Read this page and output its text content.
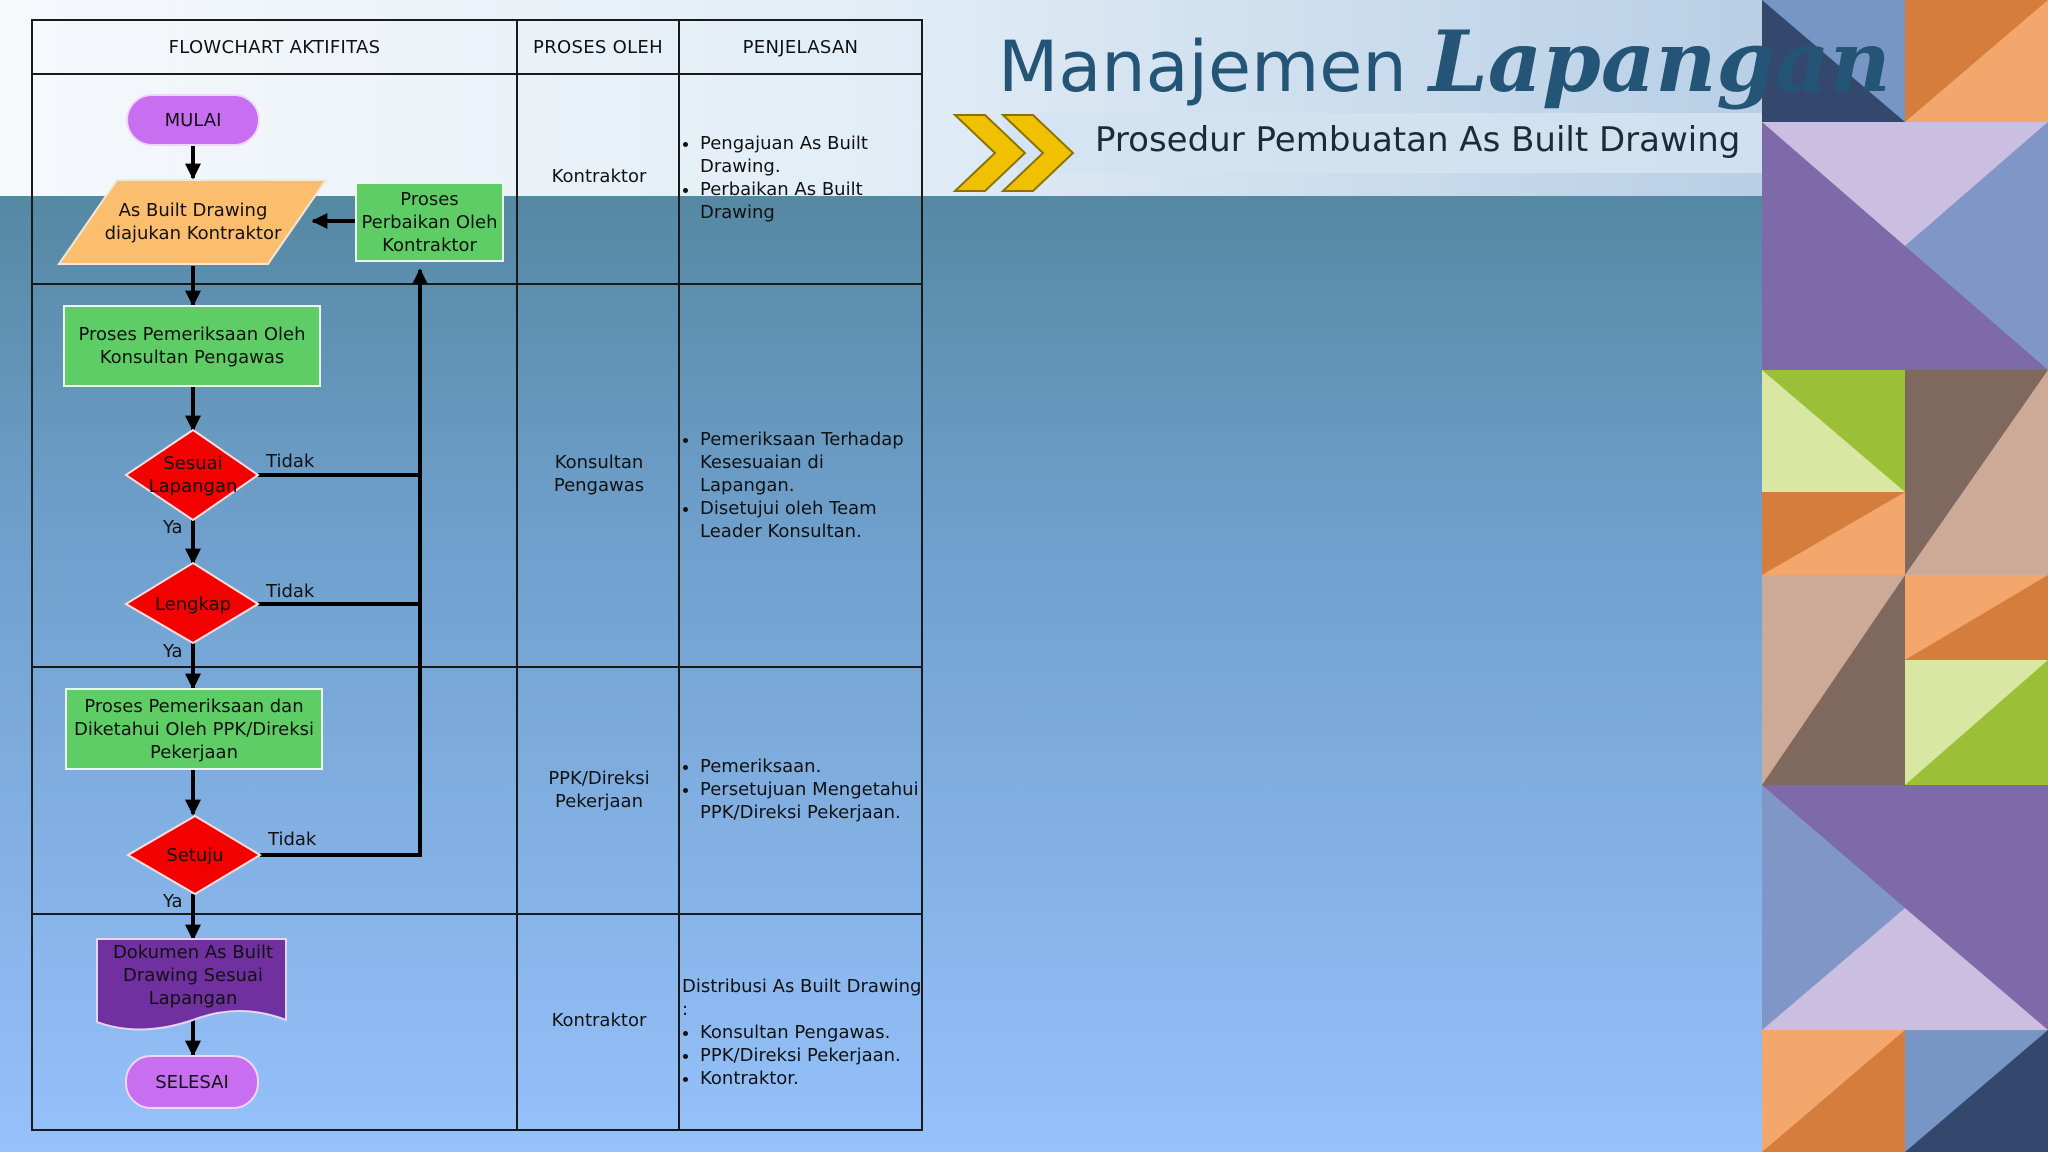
Manajemen Lapangan
Prosedur Pembuatan As Built Drawing
FLOWCHART AKTIFITAS	PROSES OLEH	PENJELASAN
MULAI
As Built Drawing diajukan Kontraktor
Proses Perbaikan Oleh Kontraktor
Proses Pemeriksaan Oleh Konsultan Pengawas
Sesuai Lapangan
Lengkap
Proses Pemeriksaan dan Diketahui Oleh PPK/Direksi Pekerjaan
Setuju
Dokumen As Built Drawing Sesuai Lapangan
SELESAI
Tidak
Ya
Tidak
Ya
Tidak
Ya
Kontraktor
Konsultan Pengawas
PPK/Direksi Pekerjaan
Kontraktor
• Pengajuan As Built Drawing.
• Perbaikan As Built Drawing
• Pemeriksaan Terhadap Kesesuaian di Lapangan.
• Disetujui oleh Team Leader Konsultan.
• Pemeriksaan.
• Persetujuan Mengetahui PPK/Direksi Pekerjaan.

Distribusi As Built Drawing :

• Konsultan Pengawas.
• PPK/Direksi Pekerjaan.
• Kontraktor.
